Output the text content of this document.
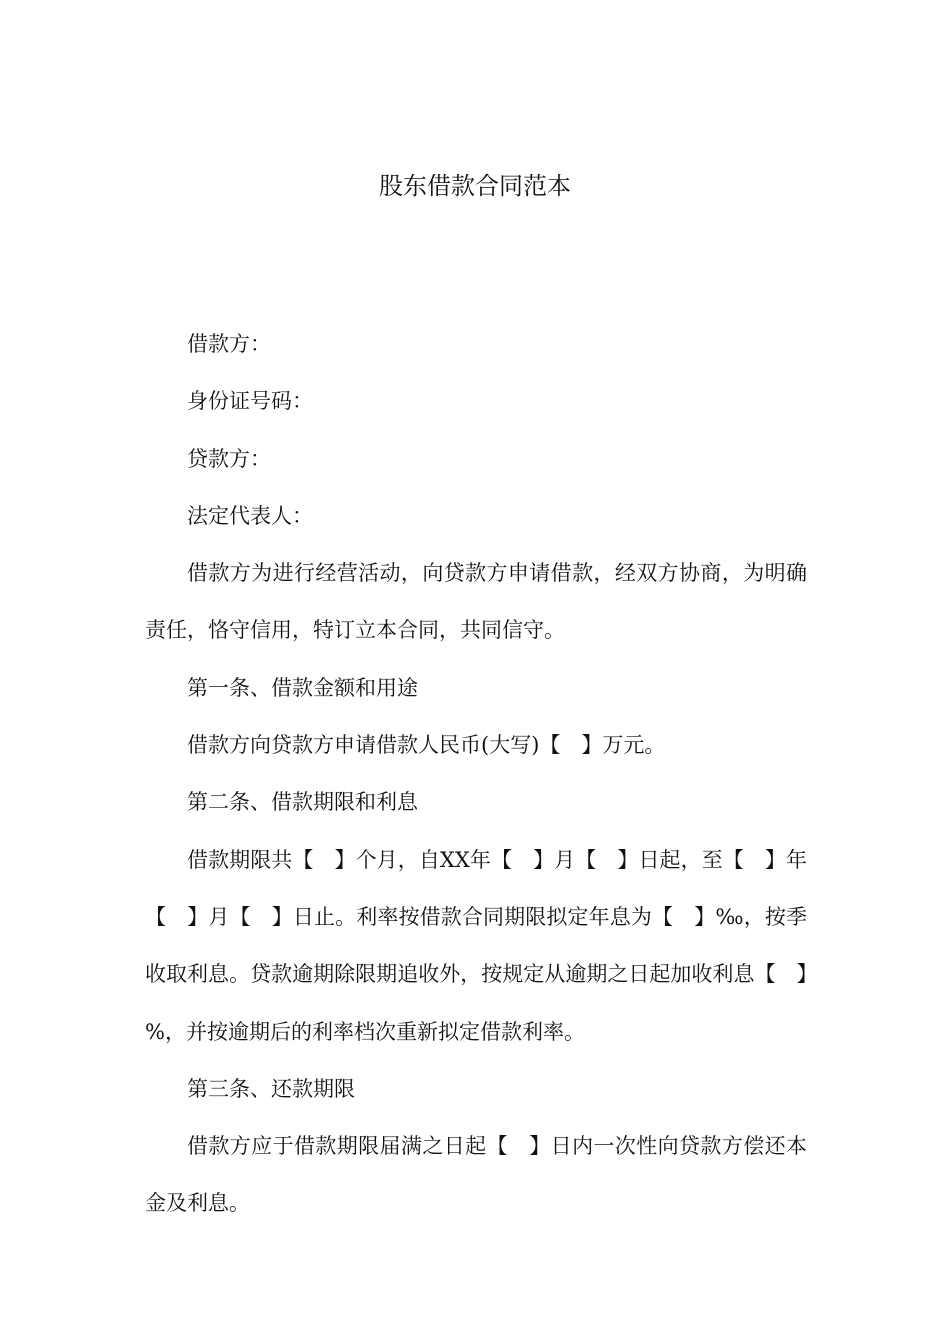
股东借款合同范本

借款方：

身份证号码：

贷款方：

法定代表人：

借款方为进行经营活动，向贷款方申请借款，经双方协商，为明确责任，恪守信用，特订立本合同，共同信守。

第一条、借款金额和用途

借款方向贷款方申请借款人民币(大写)【　】万元。

第二条、借款期限和利息

借款期限共【　】个月，自XX年【　】月【　】日起，至【　】年【　】月【　】日止。利率按借款合同期限拟定年息为【　】‰，按季收取利息。贷款逾期除限期追收外，按规定从逾期之日起加收利息【　】%，并按逾期后的利率档次重新拟定借款利率。

第三条、还款期限

借款方应于借款期限届满之日起【　】日内一次性向贷款方偿还本金及利息。
